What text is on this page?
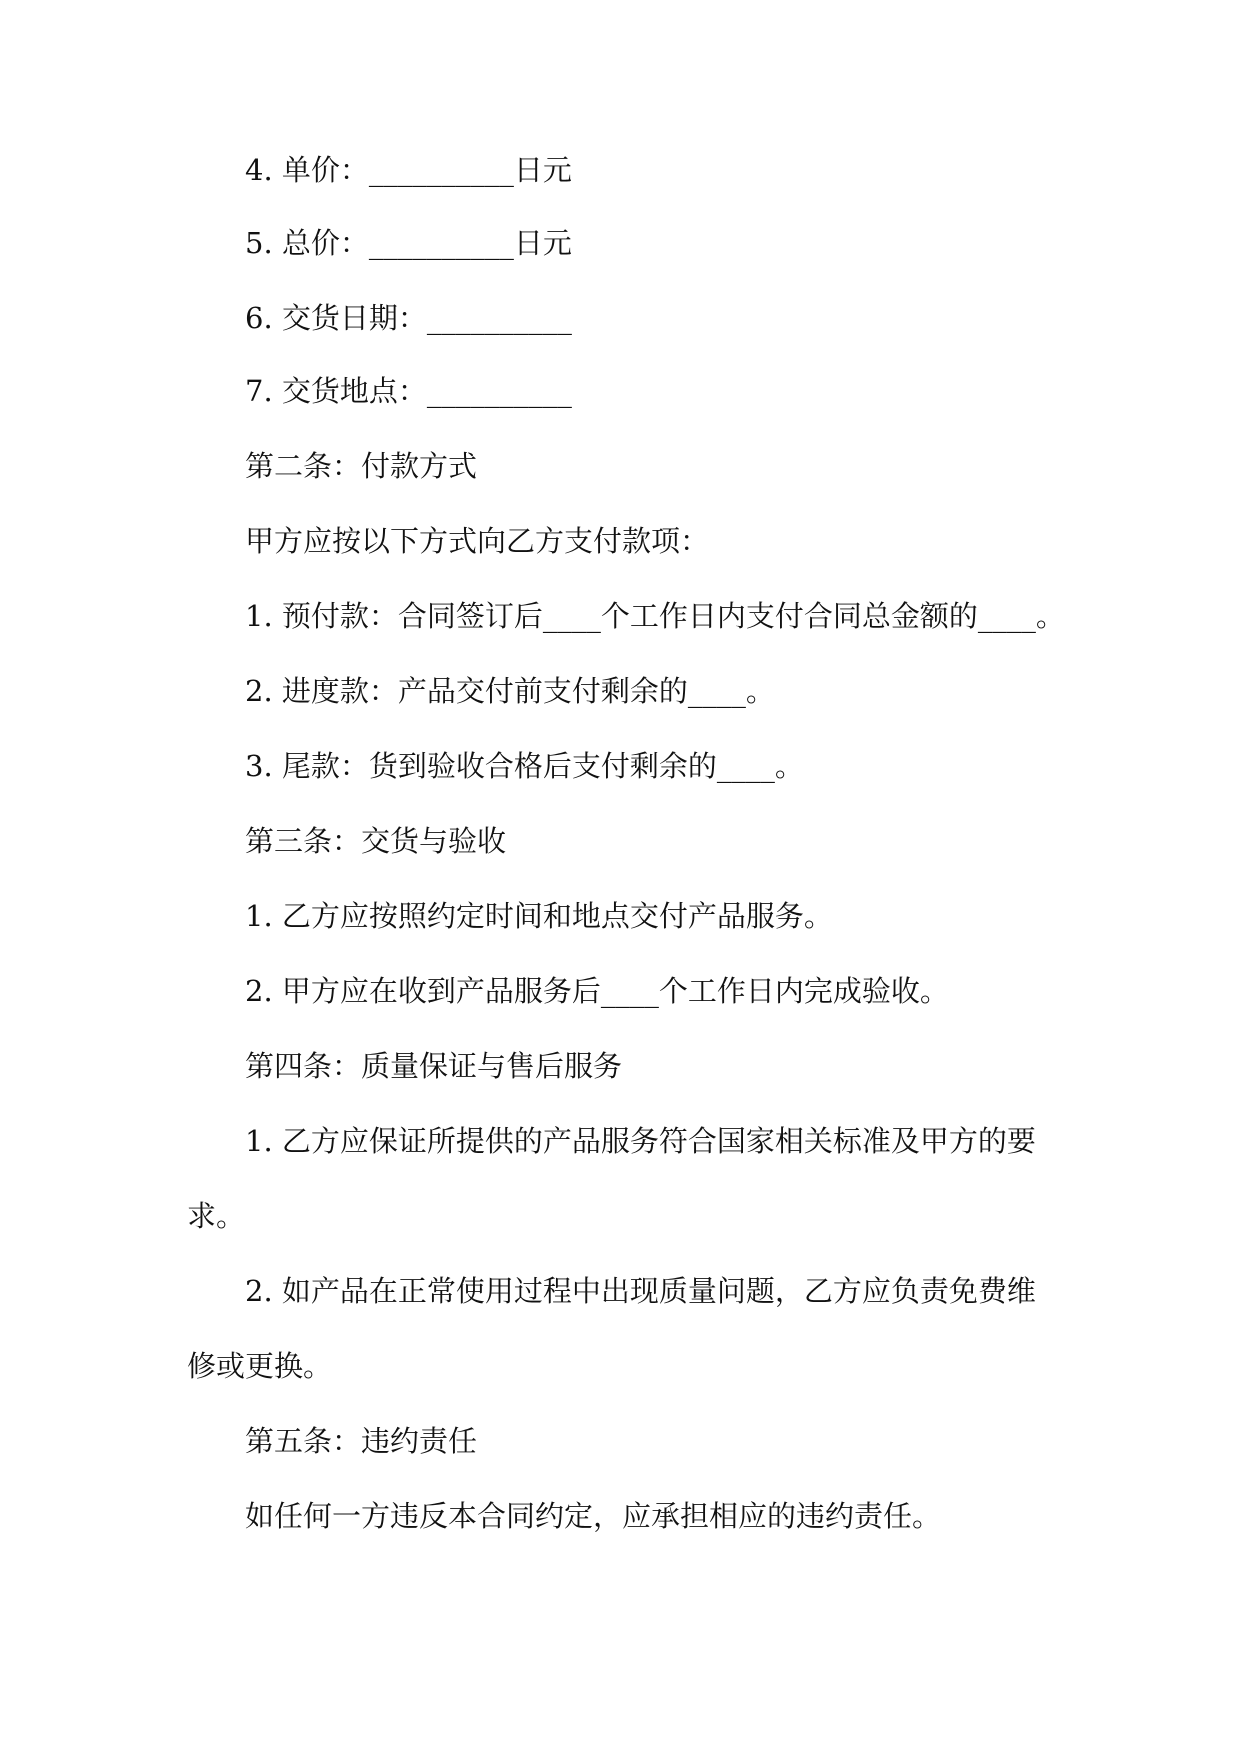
4. 单价：__________日元
5. 总价：__________日元
6. 交货日期：__________
7. 交货地点：__________
第二条：付款方式
甲方应按以下方式向乙方支付款项：
1. 预付款：合同签订后____个工作日内支付合同总金额的____。
2. 进度款：产品交付前支付剩余的____。
3. 尾款：货到验收合格后支付剩余的____。
第三条：交货与验收
1. 乙方应按照约定时间和地点交付产品服务。
2. 甲方应在收到产品服务后____个工作日内完成验收。
第四条：质量保证与售后服务
1. 乙方应保证所提供的产品服务符合国家相关标准及甲方的要
求。
2. 如产品在正常使用过程中出现质量问题，乙方应负责免费维
修或更换。
第五条：违约责任
如任何一方违反本合同约定，应承担相应的违约责任。
